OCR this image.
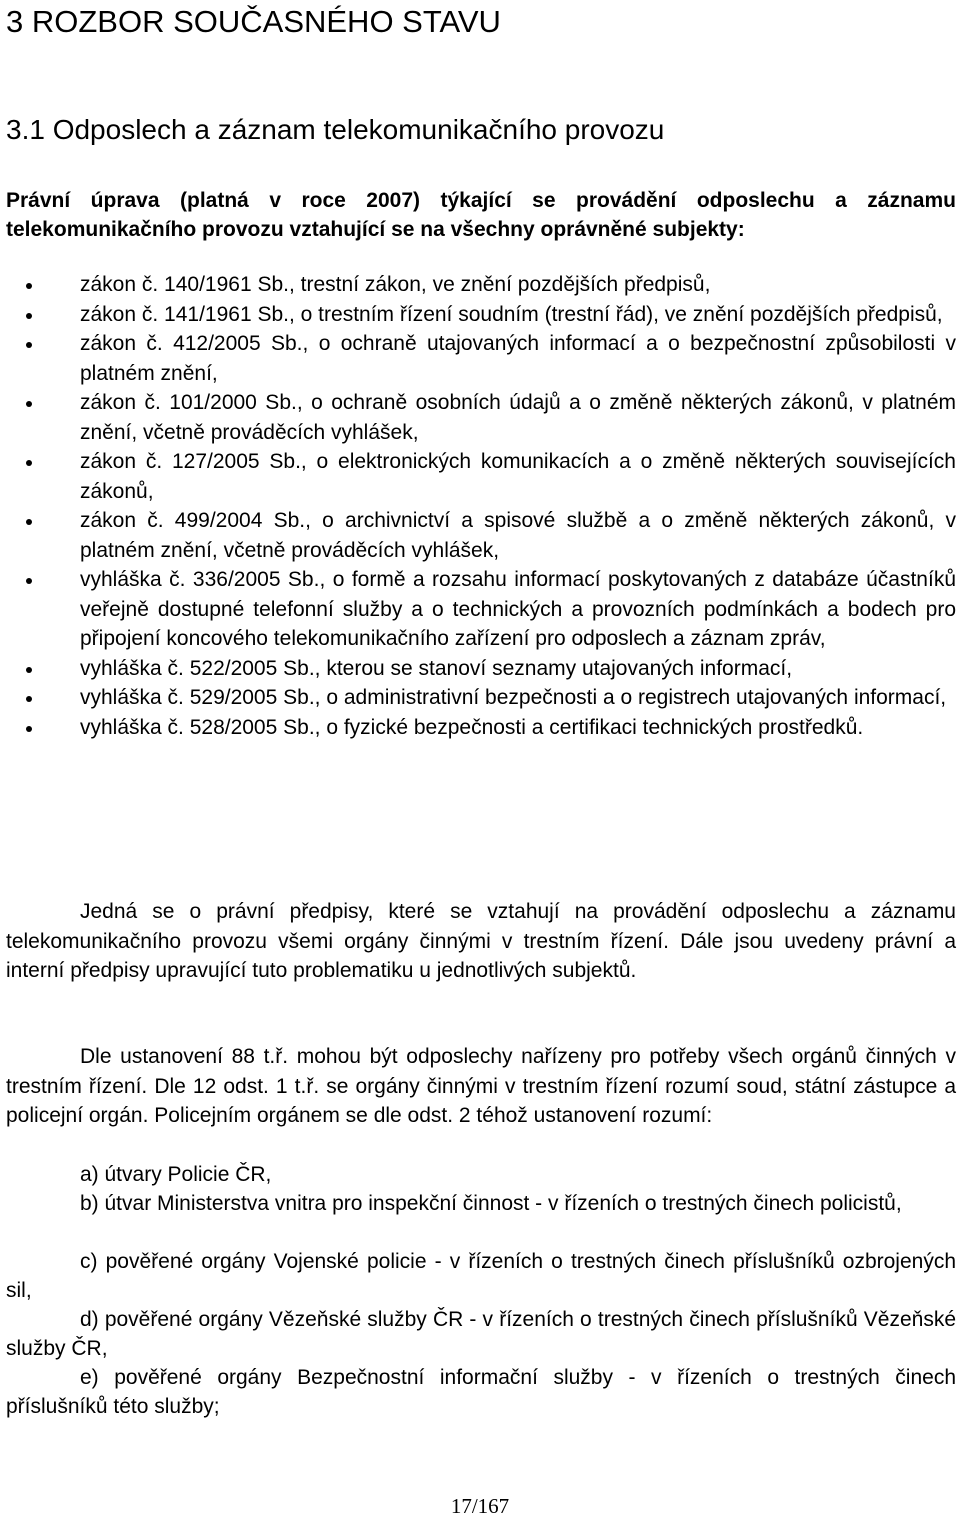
3 ROZBOR SOUČASNÉHO STAVU
3.1 Odposlech a záznam telekomunikačního provozu
Právní úprava (platná v roce 2007) týkající se provádění odposlechu a záznamu telekomunikačního provozu vztahující se na všechny oprávněné subjekty:
zákon č. 140/1961 Sb., trestní zákon, ve znění pozdějších předpisů,
zákon č. 141/1961 Sb., o trestním řízení soudním (trestní řád), ve znění pozdějších předpisů,
zákon č. 412/2005 Sb., o ochraně utajovaných informací a o bezpečnostní způsobilosti v platném znění,
zákon č. 101/2000 Sb., o ochraně osobních údajů a o změně některých zákonů, v platném znění, včetně prováděcích vyhlášek,
zákon č. 127/2005 Sb., o elektronických komunikacích a o změně některých souvisejících zákonů,
zákon č. 499/2004 Sb., o archivnictví a spisové službě a o změně některých zákonů, v platném znění, včetně prováděcích vyhlášek,
vyhláška č. 336/2005 Sb., o formě a rozsahu informací poskytovaných z databáze účastníků veřejně dostupné telefonní služby a o technických a provozních podmínkách a bodech pro připojení koncového telekomunikačního zařízení pro odposlech a záznam zpráv,
vyhláška č. 522/2005 Sb., kterou se stanoví seznamy utajovaných informací,
vyhláška č. 529/2005 Sb., o administrativní bezpečnosti a o registrech utajovaných informací,
vyhláška č. 528/2005 Sb., o fyzické bezpečnosti a certifikaci technických prostředků.

Jedná se o právní předpisy, které se vztahují na provádění odposlechu a záznamu telekomunikačního provozu všemi orgány činnými v trestním řízení. Dále jsou uvedeny právní a interní předpisy upravující tuto problematiku u jednotlivých subjektů.

Dle ustanovení 88 t.ř. mohou být odposlechy nařízeny pro potřeby všech orgánů činných v trestním řízení. Dle 12 odst. 1 t.ř. se orgány činnými v trestním řízení rozumí soud, státní zástupce a policejní orgán. Policejním orgánem se dle odst. 2 téhož ustanovení rozumí:

a) útvary Policie ČR,

b) útvar Ministerstva vnitra pro inspekční činnost - v řízeních o trestných činech policistů,

c) pověřené orgány Vojenské policie - v řízeních o trestných činech příslušníků ozbrojených sil,

d) pověřené orgány Vězeňské služby ČR - v řízeních o trestných činech příslušníků Vězeňské služby ČR,

e) pověřené orgány Bezpečnostní informační služby - v řízeních o trestných činech příslušníků této služby;

17/167
